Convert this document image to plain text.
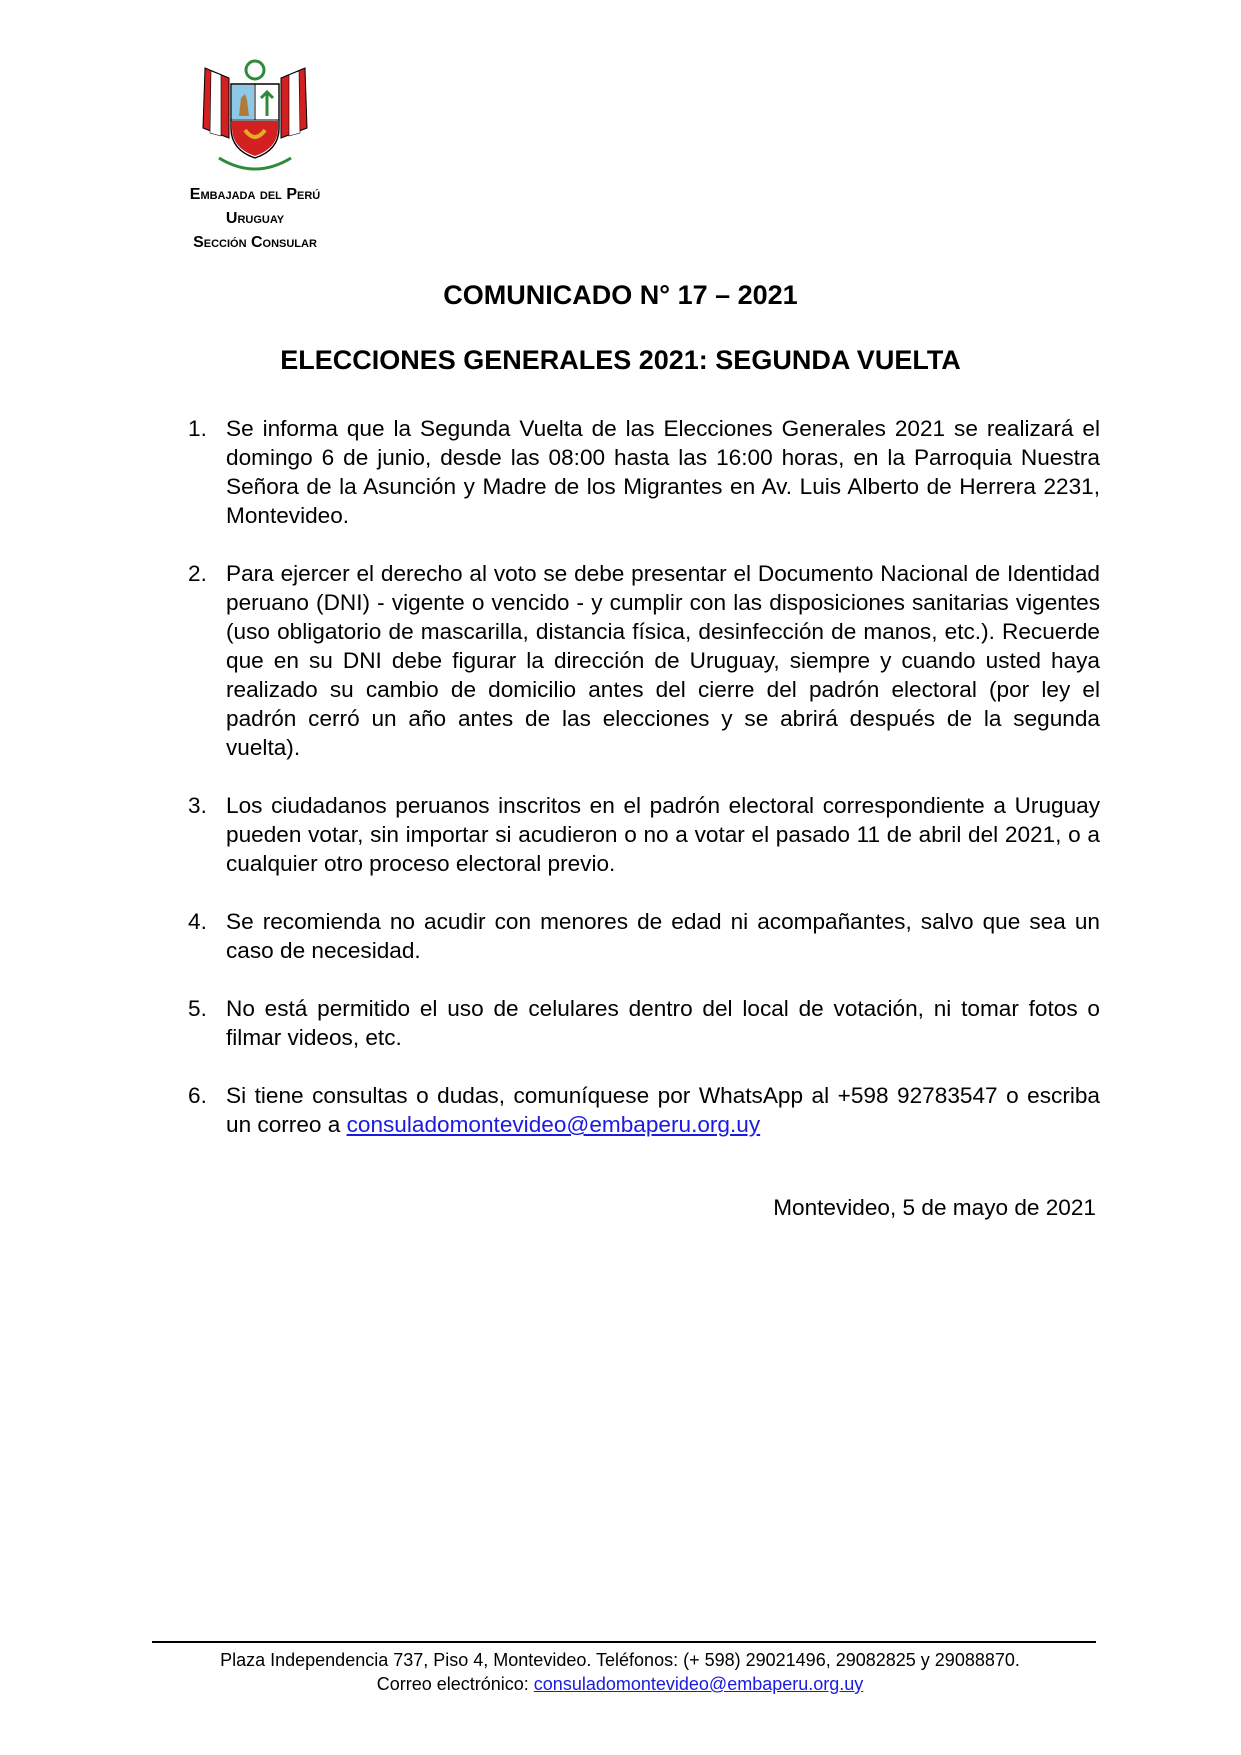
Embajada del Perú
Uruguay
Sección Consular
COMUNICADO N° 17 – 2021
ELECCIONES GENERALES 2021: SEGUNDA VUELTA
1. Se informa que la Segunda Vuelta de las Elecciones Generales 2021 se realizará el domingo 6 de junio, desde las 08:00 hasta las 16:00 horas, en la Parroquia Nuestra Señora de la Asunción y Madre de los Migrantes en Av. Luis Alberto de Herrera 2231, Montevideo.
2. Para ejercer el derecho al voto se debe presentar el Documento Nacional de Identidad peruano (DNI) - vigente o vencido - y cumplir con las disposiciones sanitarias vigentes (uso obligatorio de mascarilla, distancia física, desinfección de manos, etc.). Recuerde que en su DNI debe figurar la dirección de Uruguay, siempre y cuando usted haya realizado su cambio de domicilio antes del cierre del padrón electoral (por ley el padrón cerró un año antes de las elecciones y se abrirá después de la segunda vuelta).
3. Los ciudadanos peruanos inscritos en el padrón electoral correspondiente a Uruguay pueden votar, sin importar si acudieron o no a votar el pasado 11 de abril del 2021, o a cualquier otro proceso electoral previo.
4. Se recomienda no acudir con menores de edad ni acompañantes, salvo que sea un caso de necesidad.
5. No está permitido el uso de celulares dentro del local de votación, ni tomar fotos o filmar videos, etc.
6. Si tiene consultas o dudas, comuníquese por WhatsApp al +598 92783547 o escriba un correo a consuladomontevideo@embaperu.org.uy
Montevideo, 5 de mayo de 2021
Plaza Independencia 737, Piso 4, Montevideo. Teléfonos: (+ 598) 29021496, 29082825 y 29088870.
Correo electrónico: consuladomontevideo@embaperu.org.uy
